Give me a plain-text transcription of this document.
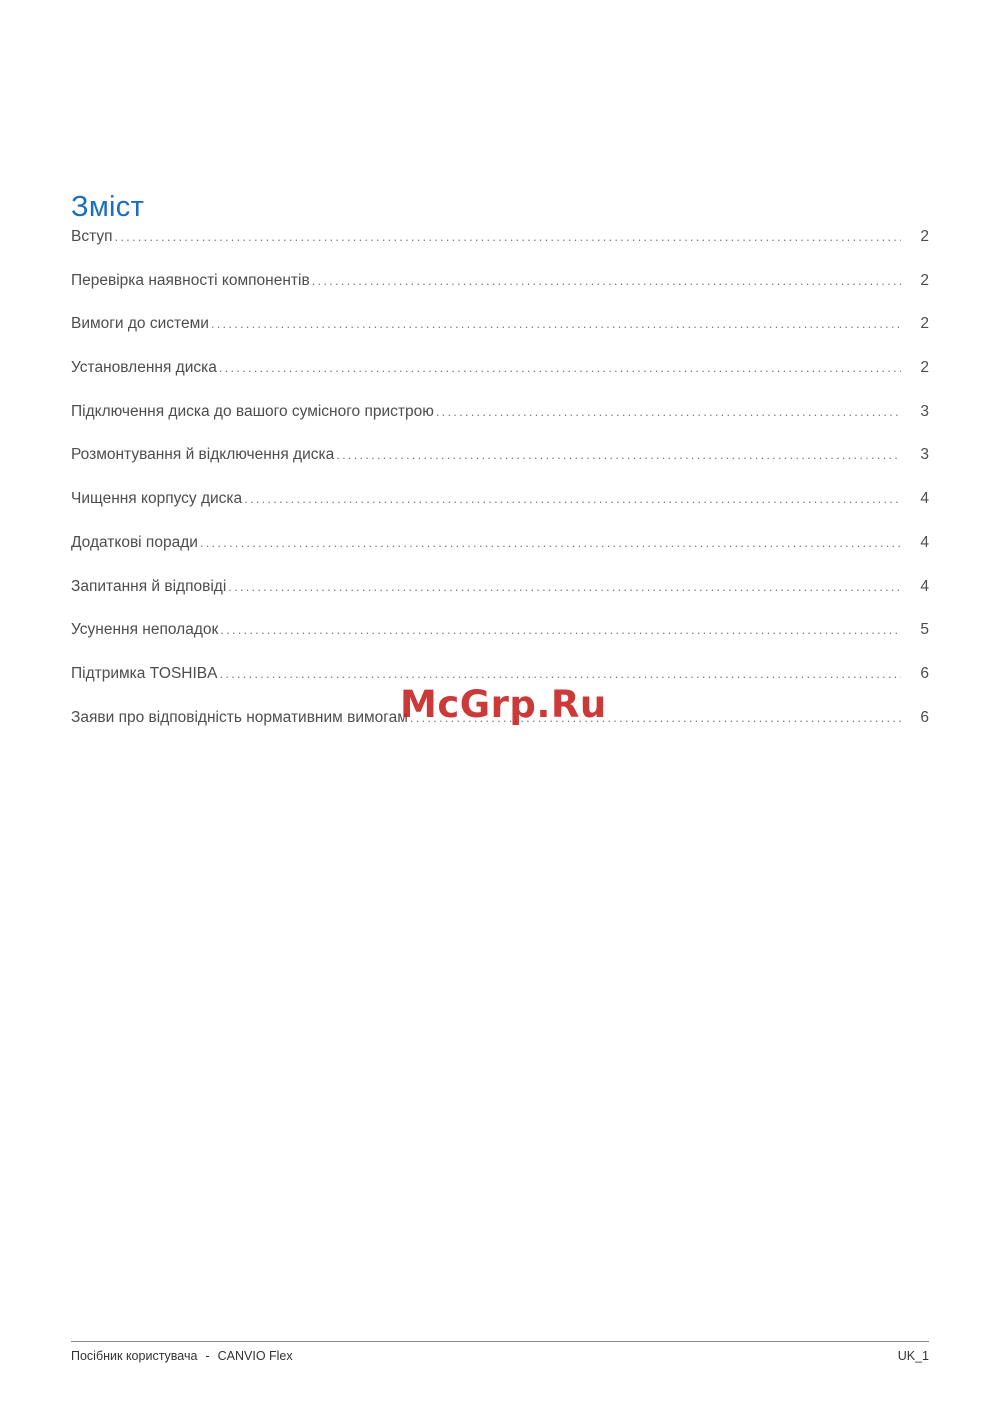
Зміст
Вступ .....	2
Перевірка наявності компонентів .....	2
Вимоги до системи .....	2
Установлення диска .....	2
Підключення диска до вашого сумісного пристрою .....	3
Розмонтування й відключення диска .....	3
Чищення корпусу диска .....	4
Додаткові поради .....	4
Запитання й відповіді .....	4
Усунення неполадок .....	5
Підтримка TOSHIBA .....	6
Заяви про відповідність нормативним вимогам .....	6
McGrp.Ru
Посібник користувача - CANVIO Flex	UK_1
